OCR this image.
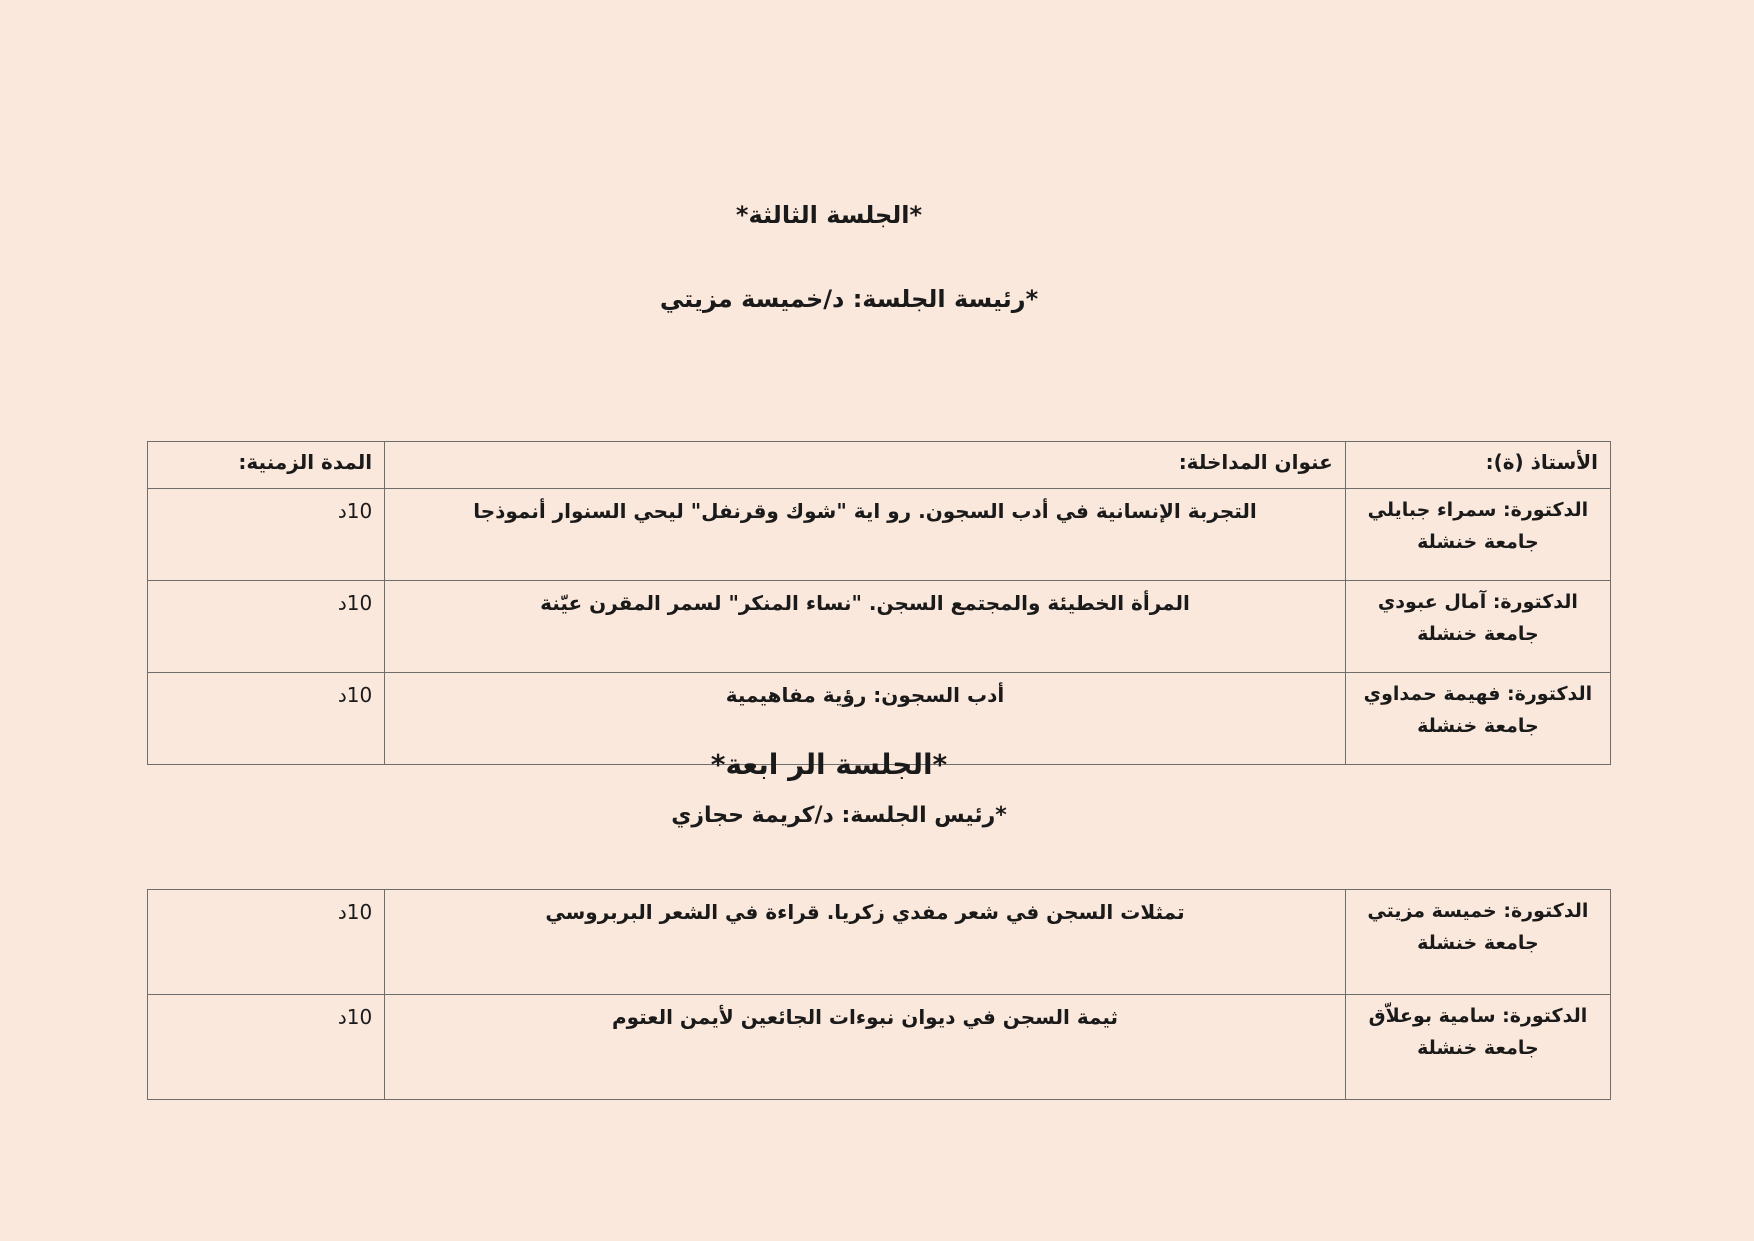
*الجلسة الثالثة*
*رئيسة الجلسة: د/خميسة مزيتي
الأستاذ (ة):	عنوان المداخلة:	المدة الزمنية:

الدكتورة: سمراء جبايلي
جامعة خنشلة	التجربة الإنسانية في أدب السجون. رو اية "شوك وقرنفل" ليحي السنوار أنموذجا	10د

الدكتورة: آمال عبودي
جامعة خنشلة	المرأة الخطيئة والمجتمع السجن. "نساء المنكر" لسمر المقرن عيّنة	10د

الدكتورة: فهيمة حمداوي
جامعة خنشلة	أدب السجون: رؤية مفاهيمية	10د
*الجلسة الر ابعة*
*رئيس الجلسة: د/كريمة حجازي
الدكتورة: خميسة مزيتي
جامعة خنشلة	تمثلات السجن في شعر مفدي زكريا. قراءة في الشعر البربروسي	10د

الدكتورة: سامية بوعلاّق
جامعة خنشلة	ثيمة السجن في ديوان نبوءات الجائعين لأيمن العتوم	10د
